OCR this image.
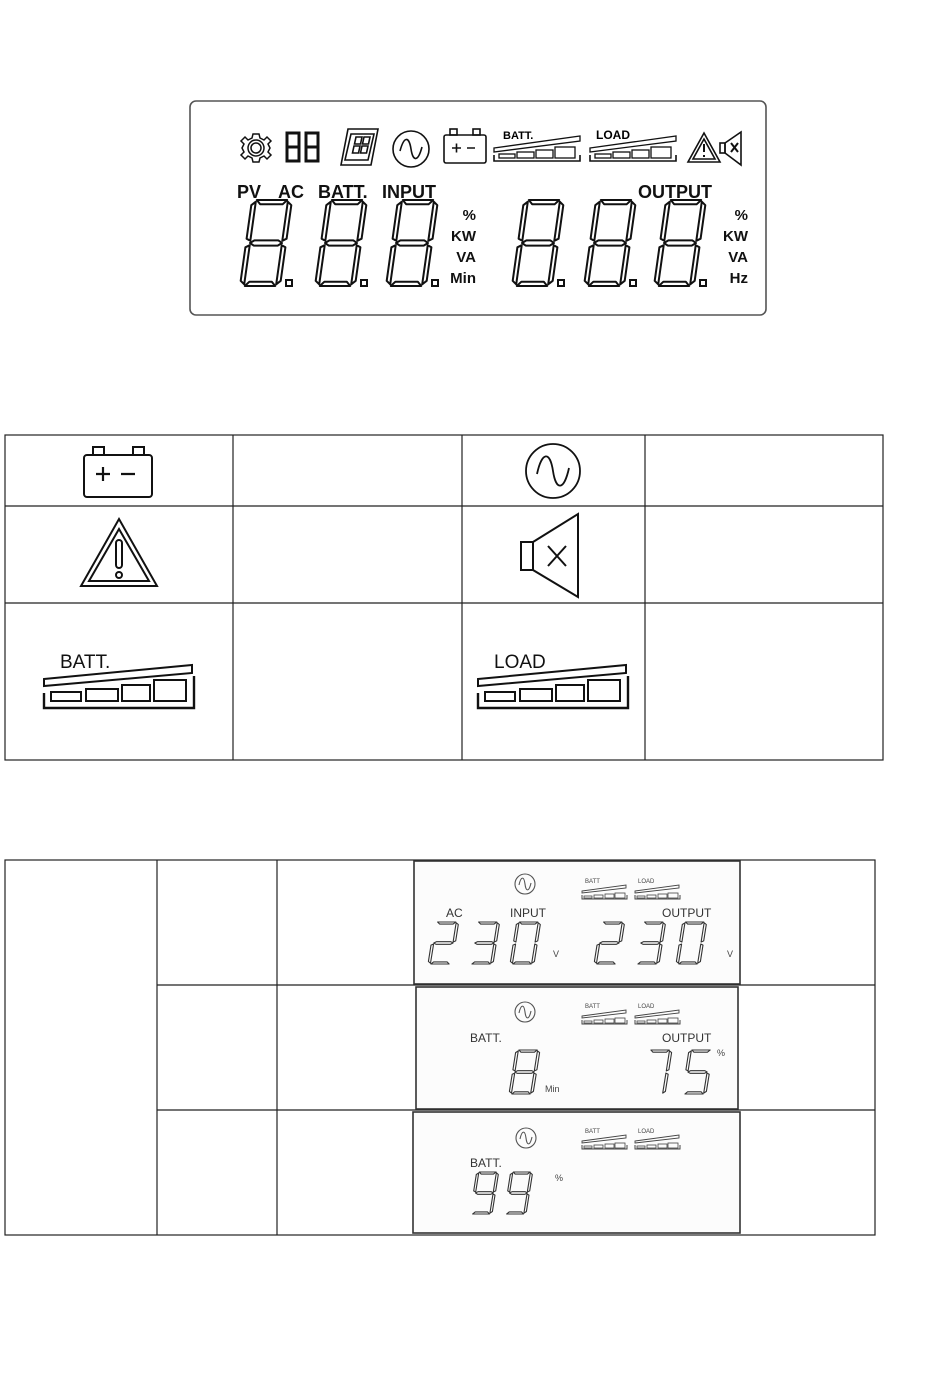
BATT.	LOAD
PV AC BATT. INPUT	OUTPUT
%
KW
VA
Min
%
KW
VA
Hz
BATT.	LOAD
BATT	LOAD
BATT	LOAD
BATT	LOAD
AC	INPUT	OUTPUT
BATT.	OUTPUT
BATT.
V	V
Min
%
%
